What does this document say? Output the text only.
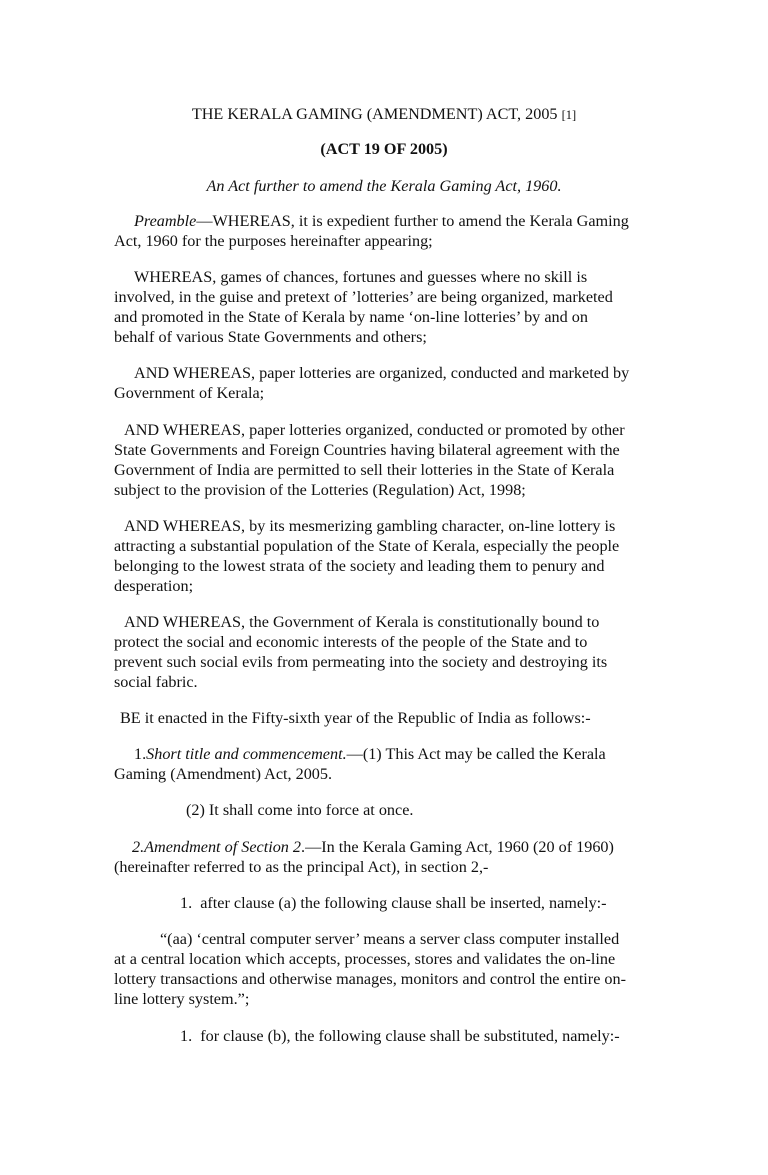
THE KERALA GAMING (AMENDMENT) ACT, 2005 [1]
(ACT 19 OF 2005)
An Act further to amend the Kerala Gaming Act, 1960.
Preamble—WHEREAS, it is expedient further to amend the Kerala Gaming
Act, 1960 for the purposes hereinafter appearing;
WHEREAS, games of chances, fortunes and guesses where no skill is
involved, in the guise and pretext of ’lotteries’ are being organized, marketed
and promoted in the State of Kerala by name ‘on-line lotteries’ by and on
behalf of various State Governments and others;
AND WHEREAS, paper lotteries are organized, conducted and marketed by
Government of Kerala;
AND WHEREAS, paper lotteries organized, conducted or promoted by other
State Governments and Foreign Countries having bilateral agreement with the
Government of India are permitted to sell their lotteries in the State of Kerala
subject to the provision of the Lotteries (Regulation) Act, 1998;
AND WHEREAS, by its mesmerizing gambling character, on-line lottery is
attracting a substantial population of the State of Kerala, especially the people
belonging to the lowest strata of the society and leading them to penury and
desperation;
AND WHEREAS, the Government of Kerala is constitutionally bound to
protect the social and economic interests of the people of the State and to
prevent such social evils from permeating into the society and destroying its
social fabric.
BE it enacted in the Fifty-sixth year of the Republic of India as follows:-
1.Short title and commencement.—(1) This Act may be called the Kerala
Gaming (Amendment) Act, 2005.
(2) It shall come into force at once.
2.Amendment of Section 2.—In the Kerala Gaming Act, 1960 (20 of 1960)
(hereinafter referred to as the principal Act), in section 2,-
1. after clause (a) the following clause shall be inserted, namely:-
“(aa) ‘central computer server’ means a server class computer installed
at a central location which accepts, processes, stores and validates the on-line
lottery transactions and otherwise manages, monitors and control the entire on-
line lottery system.”;
1. for clause (b), the following clause shall be substituted, namely:-
